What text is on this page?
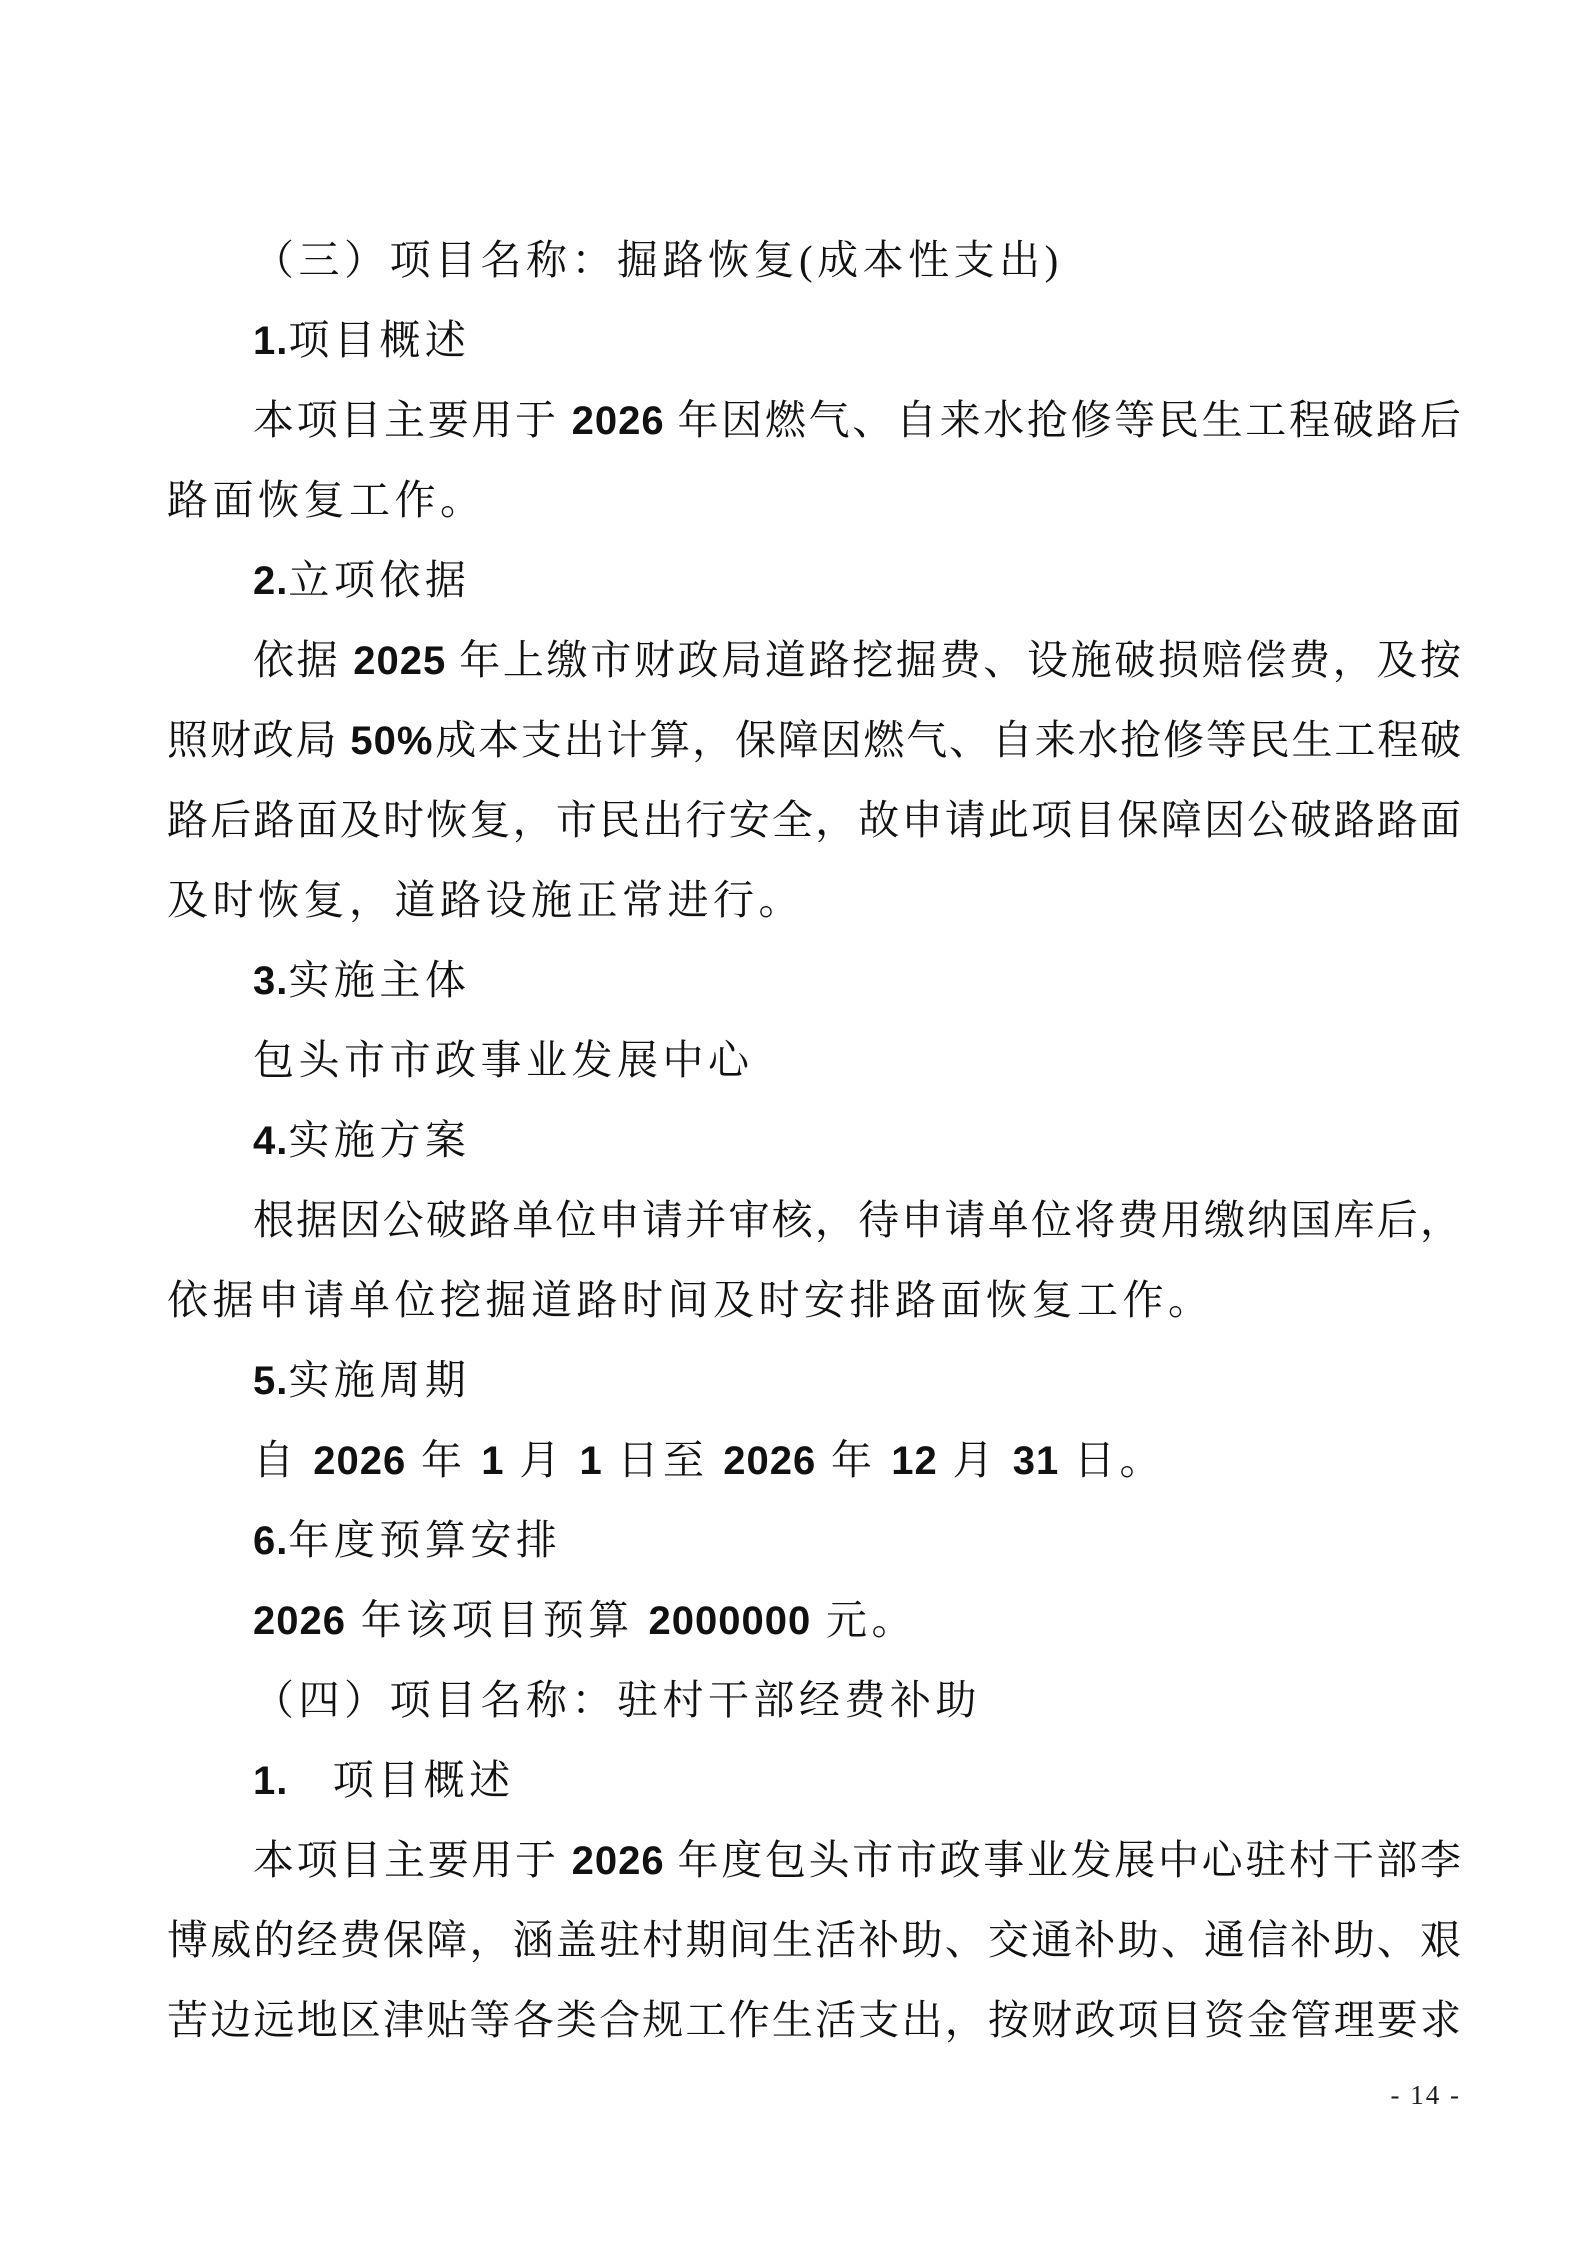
（三）项目名称：掘路恢复(成本性支出)
1.项目概述
本项目主要用于 2026 年因燃气、自来水抢修等民生工程破路后
路面恢复工作。
2.立项依据
依据 2025 年上缴市财政局道路挖掘费、设施破损赔偿费，及按
照财政局 50%成本支出计算，保障因燃气、自来水抢修等民生工程破
路后路面及时恢复，市民出行安全，故申请此项目保障因公破路路面
及时恢复，道路设施正常进行。
3.实施主体
包头市市政事业发展中心
4.实施方案
根据因公破路单位申请并审核，待申请单位将费用缴纳国库后，
依据申请单位挖掘道路时间及时安排路面恢复工作。
5.实施周期
自 2026 年 1 月 1 日至 2026 年 12 月 31 日。
6.年度预算安排
2026 年该项目预算 2000000 元。
（四）项目名称：驻村干部经费补助
1.   项目概述
本项目主要用于 2026 年度包头市市政事业发展中心驻村干部李
博威的经费保障，涵盖驻村期间生活补助、交通补助、通信补助、艰
苦边远地区津贴等各类合规工作生活支出，按财政项目资金管理要求
- 14 -
